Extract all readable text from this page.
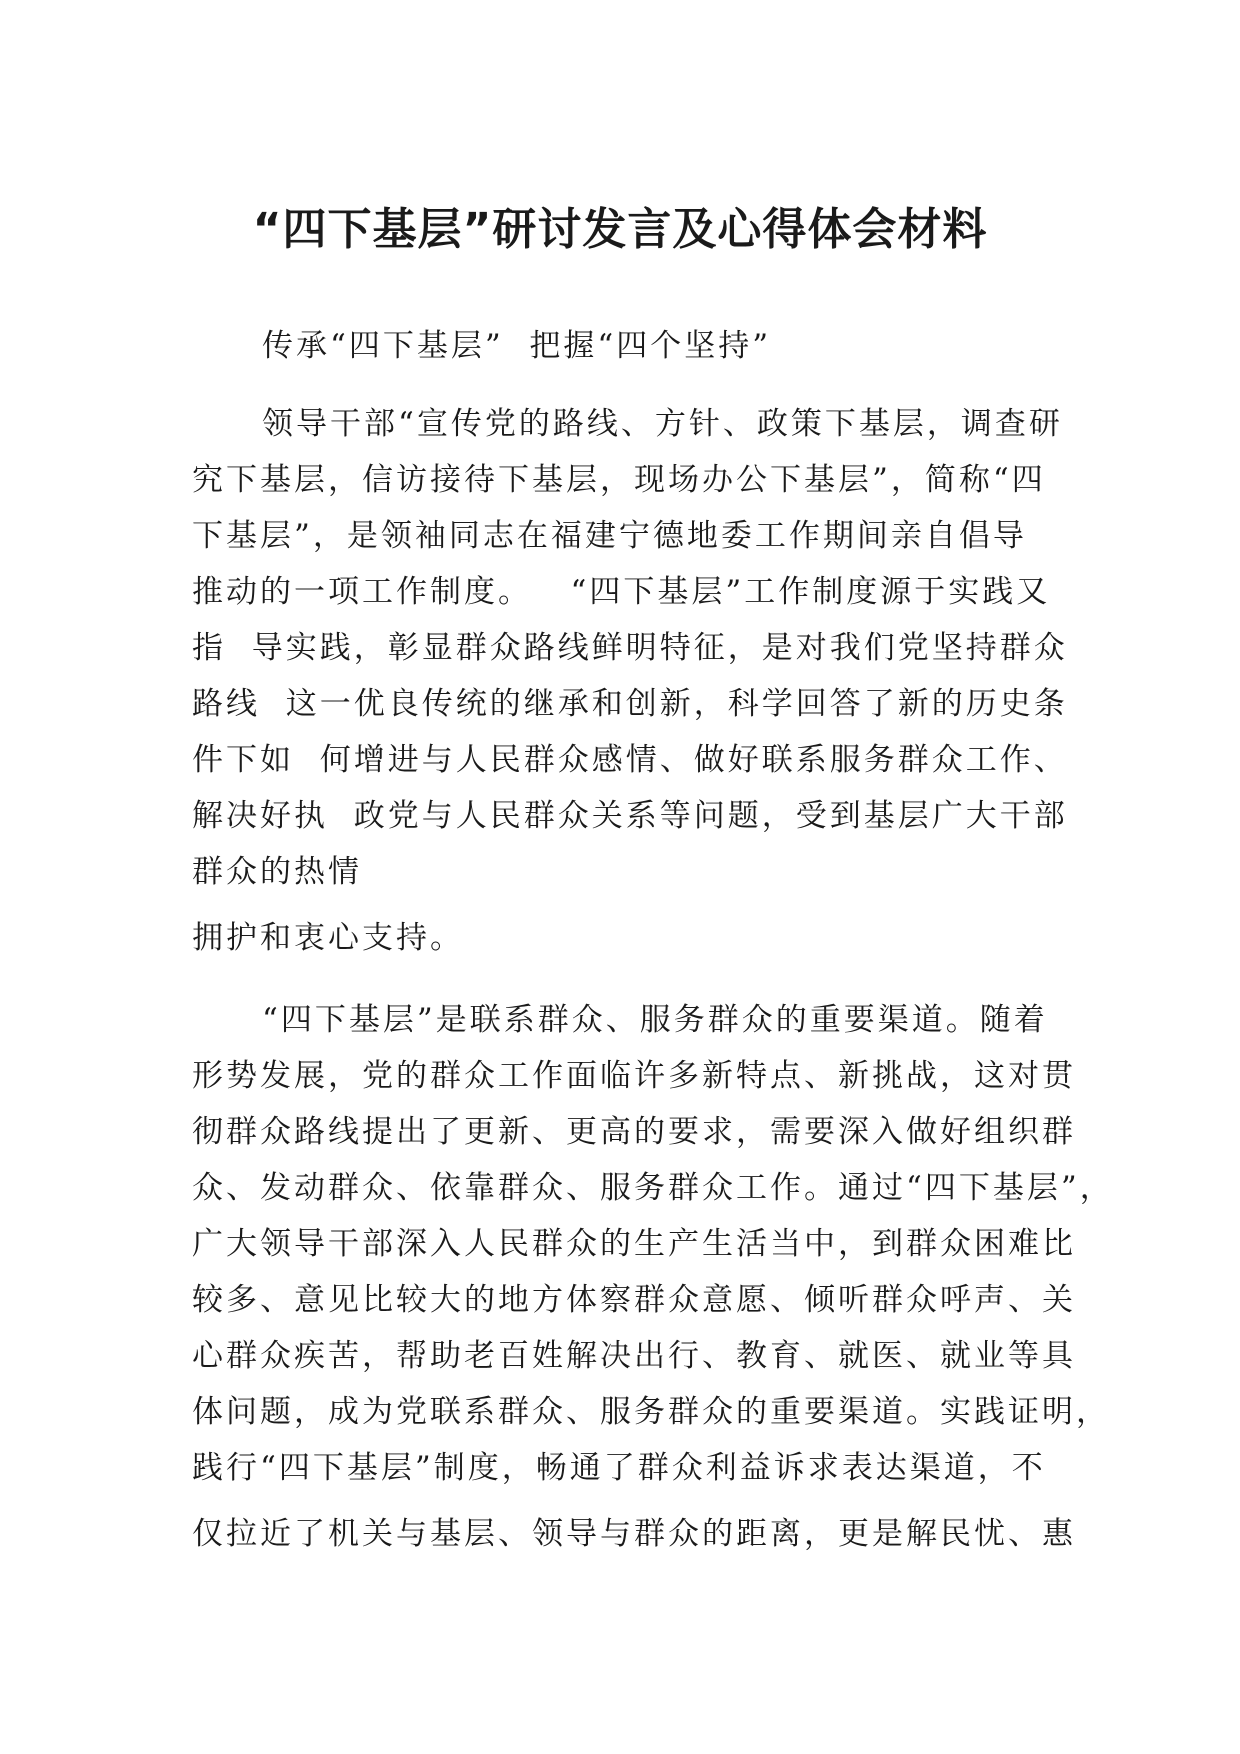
“四下基层”研讨发言及心得体会材料
传承“四下基层”  把握“四个坚持”
领导干部“宣传党的路线、方针、政策下基层，调查研
究下基层，信访接待下基层，现场办公下基层”，简称“四
下基层”，是领袖同志在福建宁德地委工作期间亲自倡导
推动的一项工作制度。   “四下基层”工作制度源于实践又
指  导实践，彰显群众路线鲜明特征，是对我们党坚持群众
路线  这一优良传统的继承和创新，科学回答了新的历史条
件下如  何增进与人民群众感情、做好联系服务群众工作、
解决好执  政党与人民群众关系等问题，受到基层广大干部
群众的热情
拥护和衷心支持。
“四下基层”是联系群众、服务群众的重要渠道。随着
形势发展，党的群众工作面临许多新特点、新挑战，这对贯
彻群众路线提出了更新、更高的要求，需要深入做好组织群
众、发动群众、依靠群众、服务群众工作。通过“四下基层”，
广大领导干部深入人民群众的生产生活当中，到群众困难比
较多、意见比较大的地方体察群众意愿、倾听群众呼声、关
心群众疾苦，帮助老百姓解决出行、教育、就医、就业等具
体问题，成为党联系群众、服务群众的重要渠道。实践证明，
践行“四下基层”制度，畅通了群众利益诉求表达渠道，不
仅拉近了机关与基层、领导与群众的距离，更是解民忧、惠
